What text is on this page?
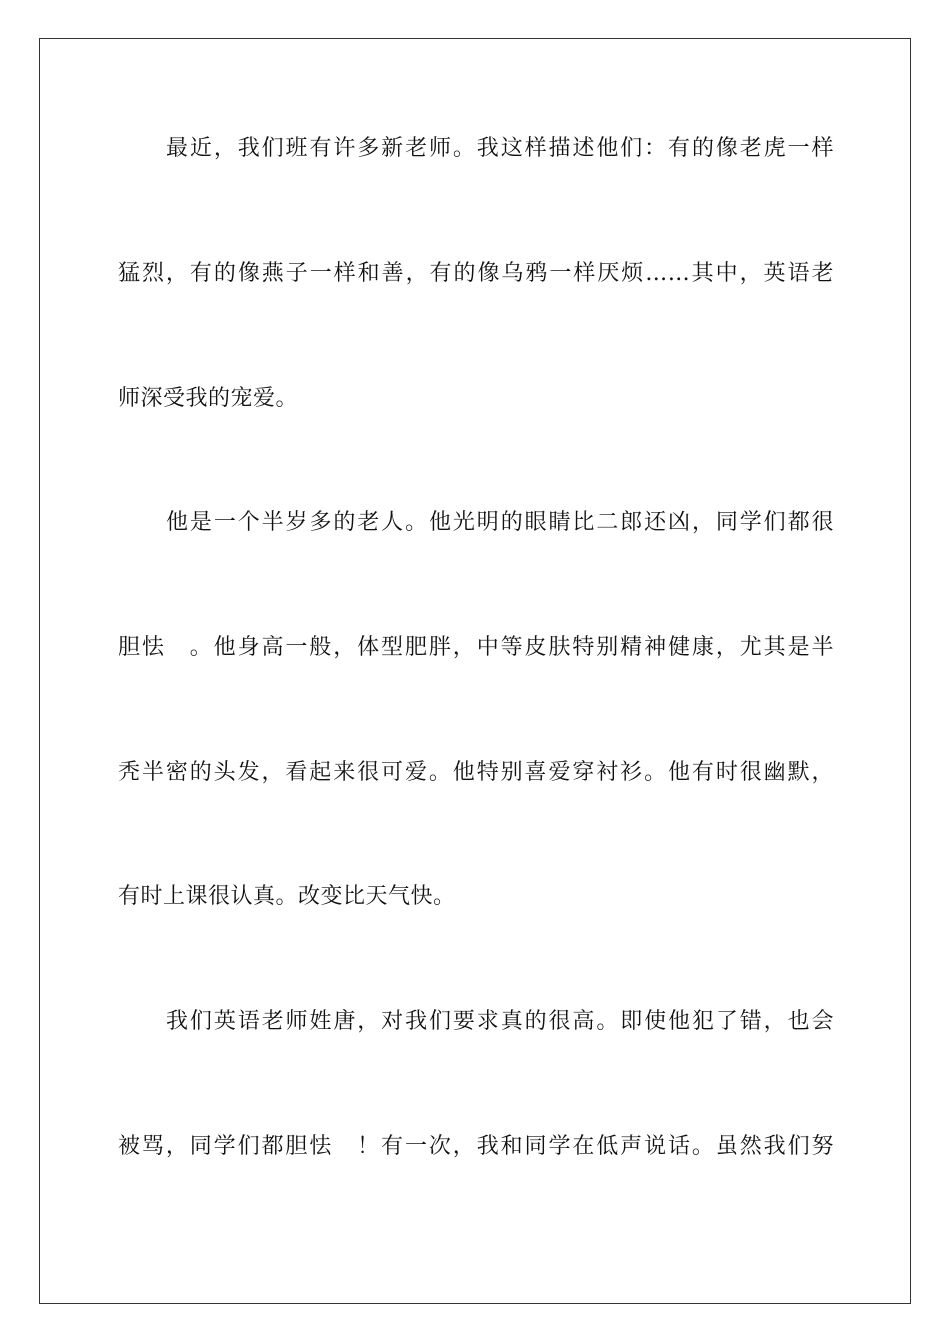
最近，我们班有许多新老师。我这样描述他们：有的像老虎一样
猛烈，有的像燕子一样和善，有的像乌鸦一样厌烦……其中，英语老
师深受我的宠爱。
他是一个半岁多的老人。他光明的眼睛比二郎还凶，同学们都很
胆怯　。他身高一般，体型肥胖，中等皮肤特别精神健康，尤其是半
秃半密的头发，看起来很可爱。他特别喜爱穿衬衫。他有时很幽默，
有时上课很认真。改变比天气快。
我们英语老师姓唐，对我们要求真的很高。即使他犯了错，也会
被骂，同学们都胆怯　！有一次，我和同学在低声说话。虽然我们努
